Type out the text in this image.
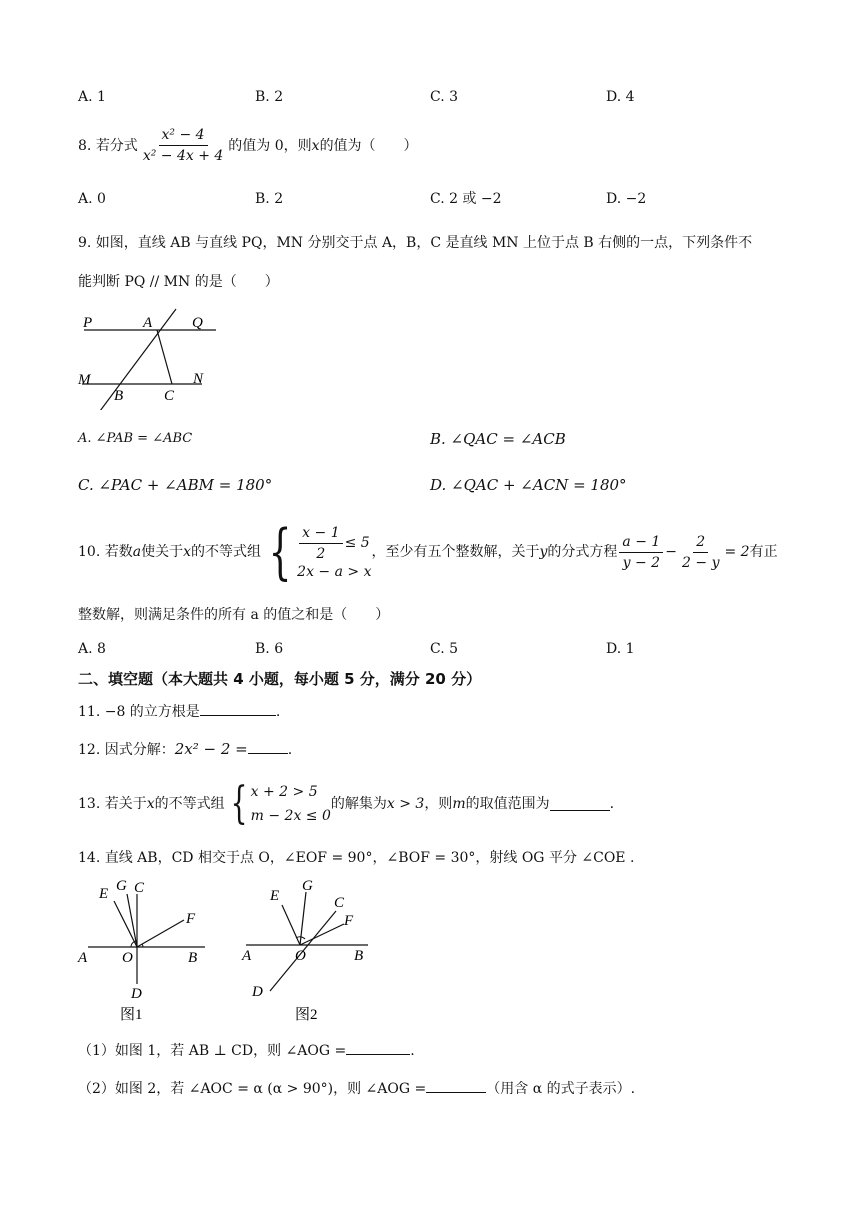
A. 1	B. 2	C. 3	D. 4
8.
若分式 $\frac{\text{x² − 4}}{\text{x² − 4x + 4}}$ 的值为 0，则 x 的值为（　　）
A. 0	B. 2	C. 2 或 −2	D. −2
9. 如图，直线 AB 与直线 PQ，MN 分别交于点 A，B，C 是直线 MN 上位于点 B 右侧的一点，下列条件不
能判断 PQ // MN 的是（　　）
P	A	Q
M	N
B	C
A. ∠PAB = ∠ABC	B. ∠QAC = ∠ACB
C. ∠PAC + ∠ABM = 180°	D. ∠QAC + ∠ACN = 180°
10.
若数 a 使关于 x 的不等式组 { $\frac{x - 1}{2} \le 5$
2x − a > x
，至少有五个整数解，关于 y 的分式方程 $\frac{a - 1}{y - 2} - \frac{2}{2 - y} = 2$ 有正
整数解，则满足条件的所有 a 的值之和是（　　）
A. 8	B. 6	C. 5	D. 1
二、填空题（本大题共 4 小题，每小题 5 分，满分 20 分）
11. −8 的立方根是	.
12. 因式分解：2x² − 2 =	.
13. 若关于 x 的不等式组 { x + 2 > 5
m − 2x ≤ 0
的解集为 x > 3 ，则 m 的取值范围为	.
14. 直线 AB，CD 相交于点 O，∠EOF = 90°，∠BOF = 30°，射线 OG 平分 ∠COE .
E G C
F
A O	B
D
图1
E
G
C
F
A	O	B
D
图2
（1）如图 1，若 AB ⊥ CD，则 ∠AOG =	.
（2）如图 2，若 ∠AOC = α (α > 90°)，则 ∠AOG =	（用含 α 的式子表示）.
